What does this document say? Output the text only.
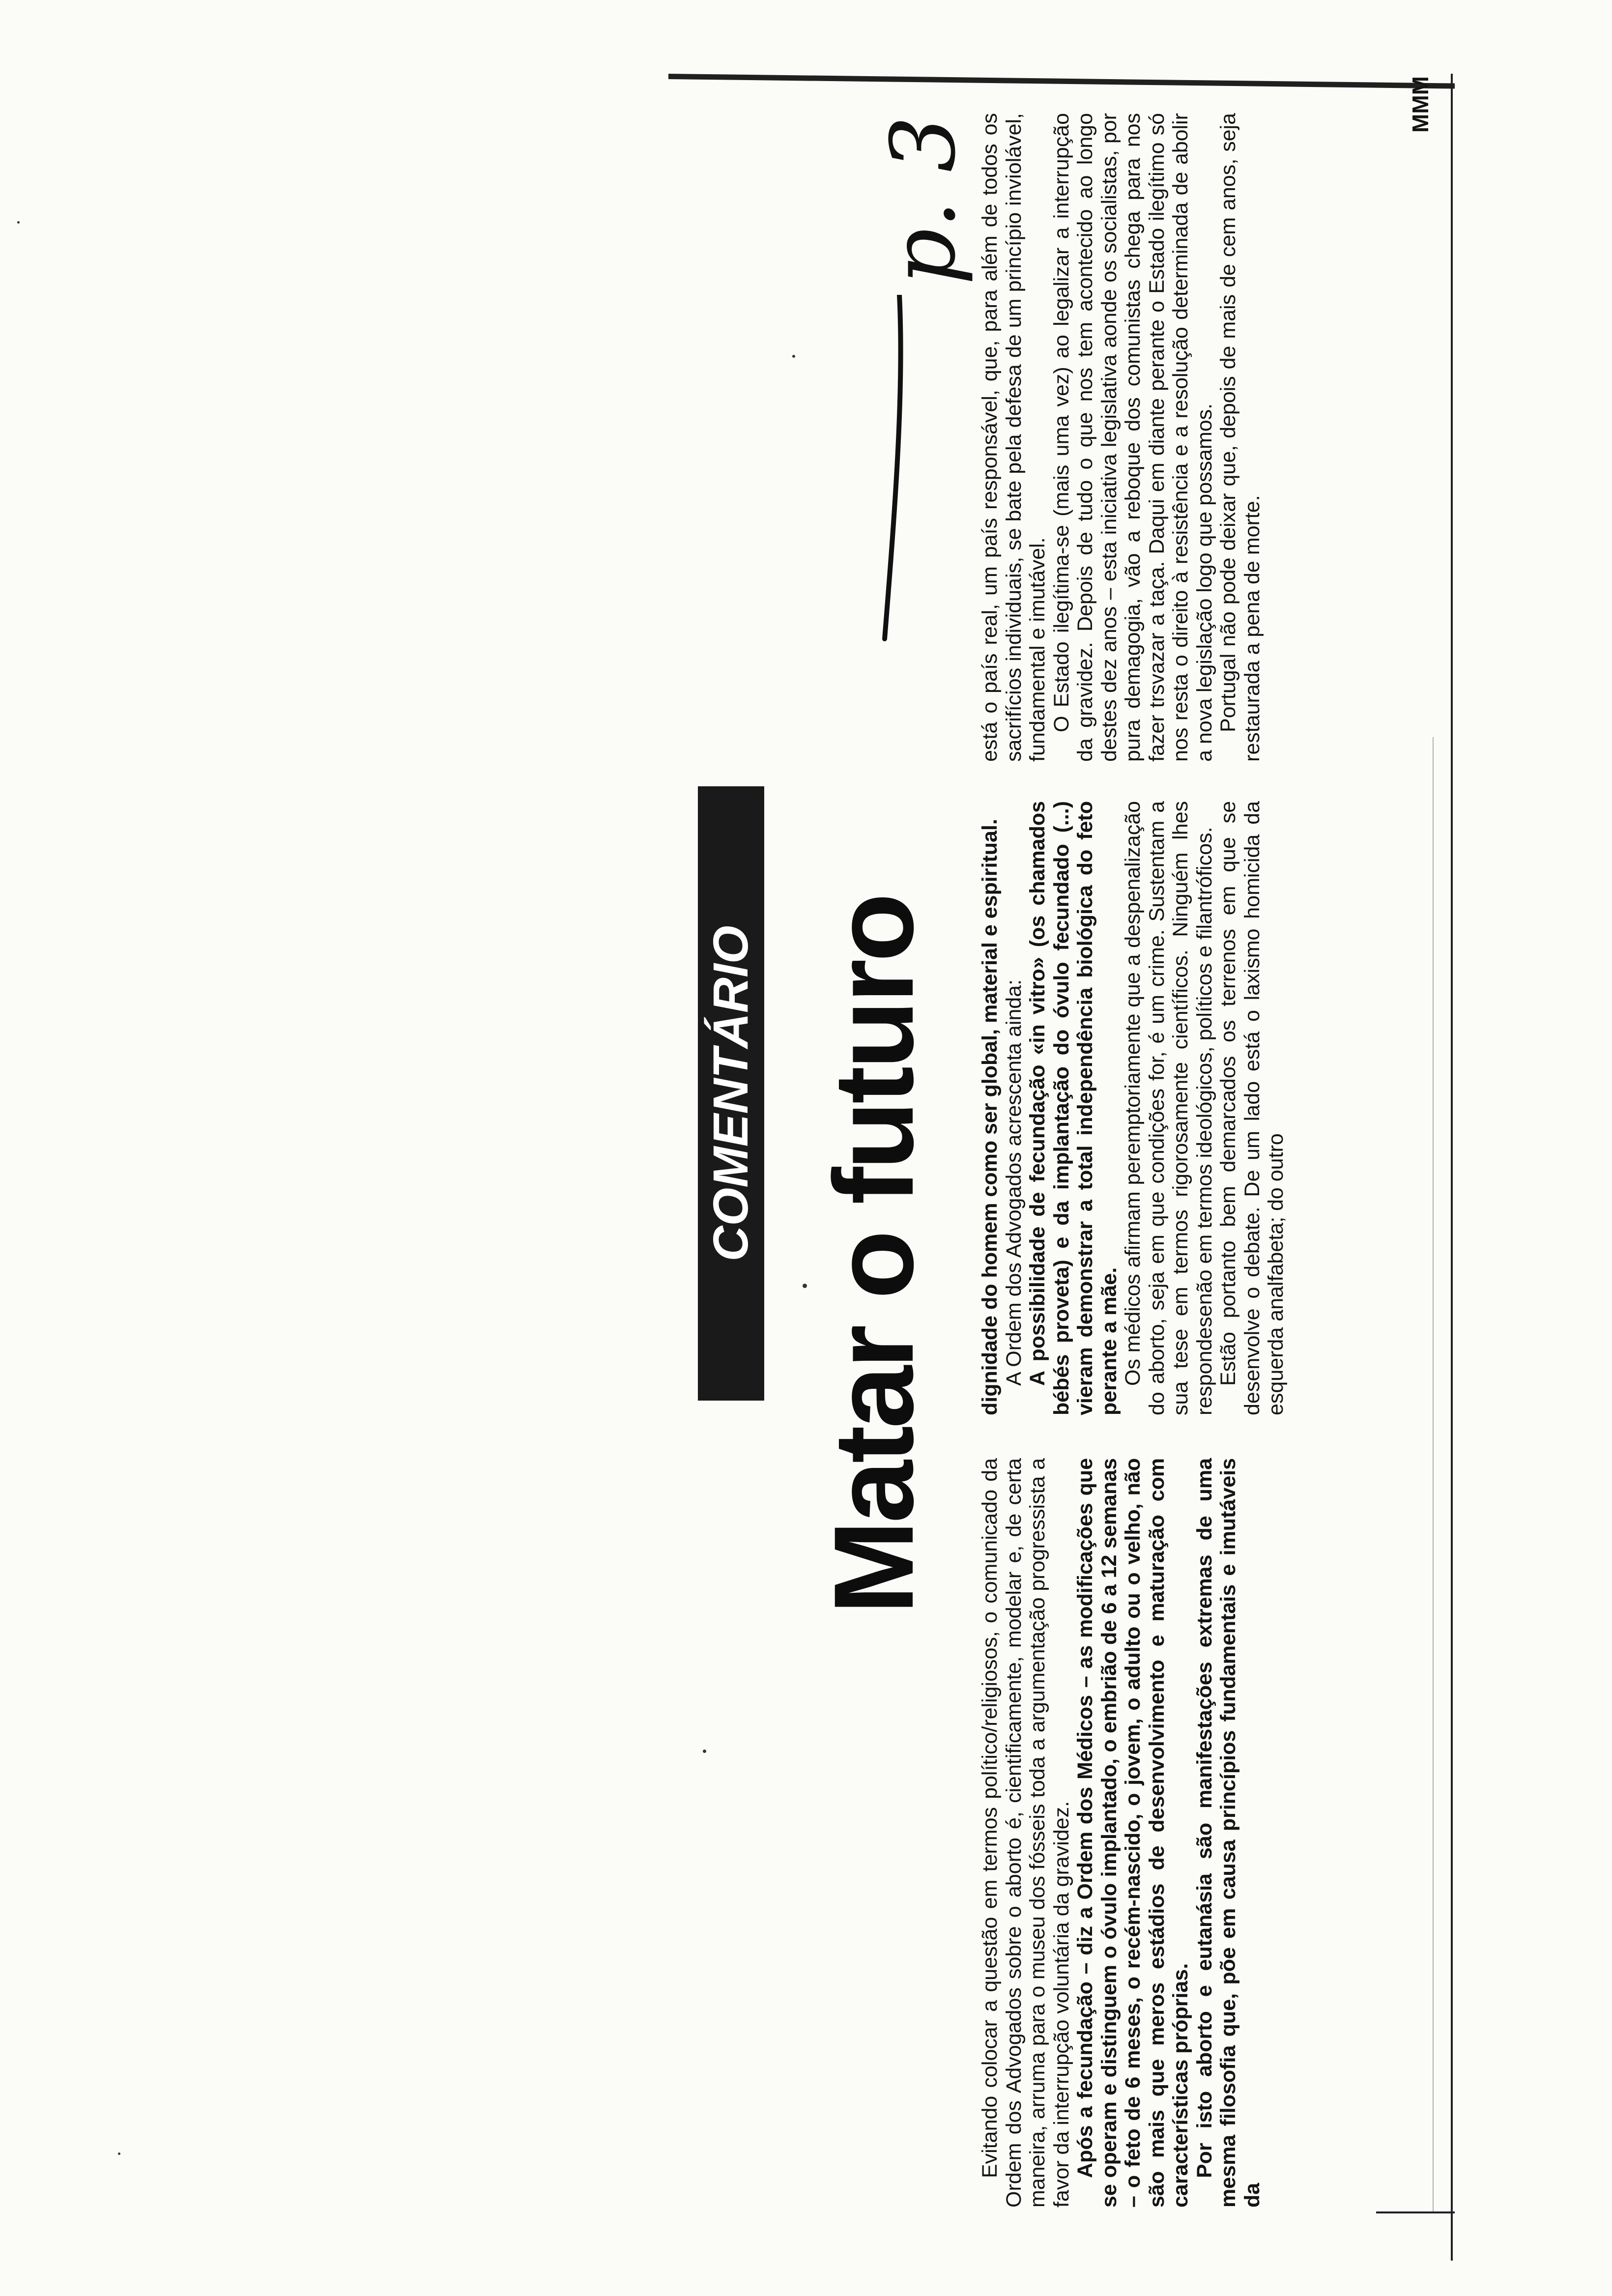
Matar o futuro
COMENTÁRIO
p. 3

Evitando colocar a questão em termos político/religiosos, o comunicado da Ordem dos Advogados sobre o aborto é, cientificamente, modelar e, de certa maneira, arruma para o museu dos fósseis toda a argumentação progressista a favor da interrupção voluntária da gravidez. Após a fecundação – diz a Ordem dos Médicos – as modificações que se operam e distinguem o óvulo implantado, o embrião de 6 a 12 semanas – o feto de 6 meses, o recém-nascido, o jovem, o adulto ou o velho, não são mais que meros estádios de desenvolvimento e maturação com características próprias. Por isto aborto e eutanásia são manifestações extremas de uma mesma filosofia que, põe em causa princípios fundamentais e imutáveis da

dignidade do homem como ser global, material e espiritual. A Ordem dos Advogados acrescenta ainda: A possibilidade de fecundação «in vitro» (os chamados bébés proveta) e da implantação do óvulo fecundado (...) vieram demonstrar a total independência biológica do feto perante a mãe. Os médicos afirmam peremptoriamente que a despenalização do aborto, seja em que condições for, é um crime. Sustentam a sua tese em termos rigorosamente científicos. Ninguém lhes respondesenão em termos ideológicos, políticos e filantróficos. Estão portanto bem demarcados os terrenos em que se desenvolve o debate. De um lado está o laxismo homicida da esquerda analfabeta; do outro

está o país real, um país responsável, que, para além de todos os sacrifícios individuais, se bate pela defesa de um princípio inviolável, fundamental e imutável. O Estado ilegítima-se (mais uma vez) ao legalizar a interrupção da gravidez. Depois de tudo o que nos tem acontecido ao longo destes dez anos – esta iniciativa legislativa aonde os socialistas, por pura demagogia, vão a reboque dos comunistas chega para nos fazer trsvazar a taça. Daqui em diante perante o Estado ilegítimo só nos resta o direito à resistência e a resolução determinada de abolir a nova legislação logo que possamos. Portugal não pode deixar que, depois de mais de cem anos, seja restaurada a pena de morte.

MMM
